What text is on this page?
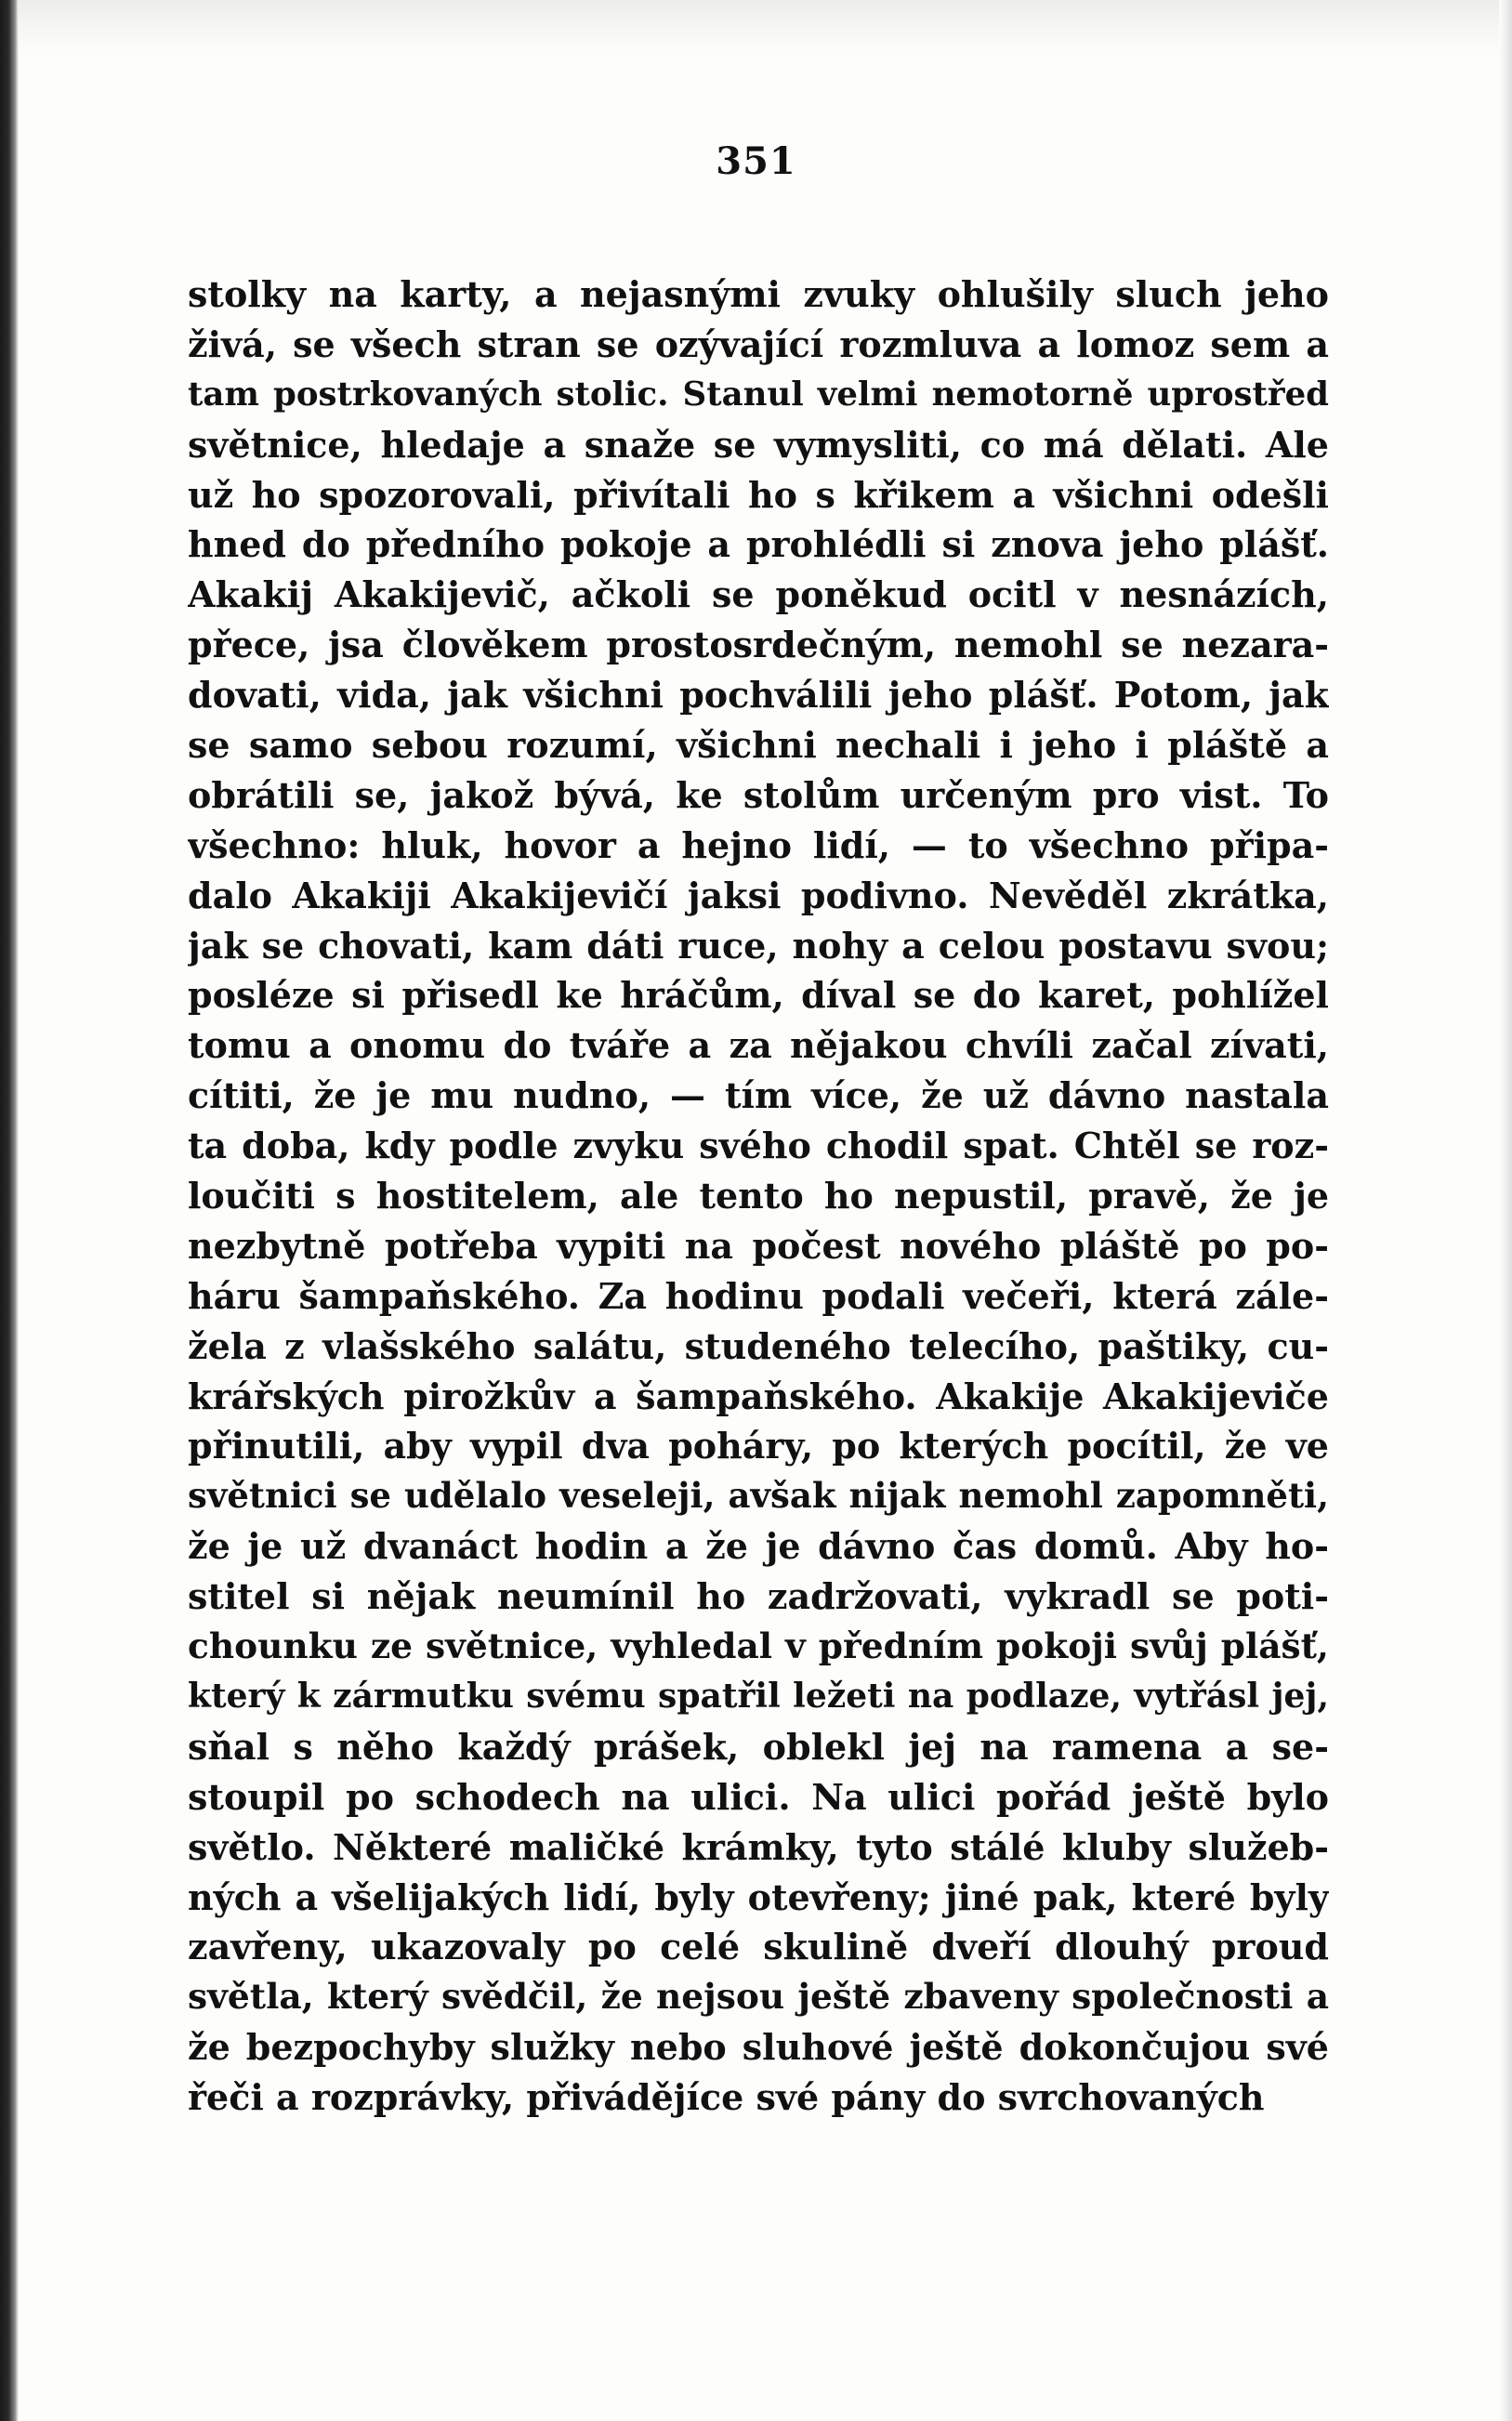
351
stolky na karty, a nejasnými zvuky ohlušily sluch jeho
živá, se všech stran se ozývající rozmluva a lomoz sem a
tam postrkovaných stolic. Stanul velmi nemotorně uprostřed
světnice, hledaje a snaže se vymysliti, co má dělati. Ale
už ho spozorovali, přivítali ho s křikem a všichni odešli
hned do předního pokoje a prohlédli si znova jeho plášť.
Akakij Akakijevič, ačkoli se poněkud ocitl v nesnázích,
přece, jsa člověkem prostosrdečným, nemohl se nezara-
dovati, vida, jak všichni pochválili jeho plášť. Potom, jak
se samo sebou rozumí, všichni nechali i jeho i pláště a
obrátili se, jakož bývá, ke stolům určeným pro vist. To
všechno: hluk, hovor a hejno lidí, — to všechno připa-
dalo Akakiji Akakijevičí jaksi podivno. Nevěděl zkrátka,
jak se chovati, kam dáti ruce, nohy a celou postavu svou;
posléze si přisedl ke hráčům, díval se do karet, pohlížel
tomu a onomu do tváře a za nějakou chvíli začal zívati,
cítiti, že je mu nudno, — tím více, že už dávno nastala
ta doba, kdy podle zvyku svého chodil spat. Chtěl se roz-
loučiti s hostitelem, ale tento ho nepustil, pravě, že je
nezbytně potřeba vypiti na počest nového pláště po po-
háru šampaňského. Za hodinu podali večeři, která zále-
žela z vlašského salátu, studeného telecího, paštiky, cu-
krářských pirožkův a šampaňského. Akakije Akakijeviče
přinutili, aby vypil dva poháry, po kterých pocítil, že ve
světnici se udělalo veseleji, avšak nijak nemohl zapomněti,
že je už dvanáct hodin a že je dávno čas domů. Aby ho-
stitel si nějak neumínil ho zadržovati, vykradl se poti-
chounku ze světnice, vyhledal v předním pokoji svůj plášť,
který k zármutku svému spatřil ležeti na podlaze, vytřásl jej,
sňal s něho každý prášek, oblekl jej na ramena a se-
stoupil po schodech na ulici. Na ulici pořád ještě bylo
světlo. Některé maličké krámky, tyto stálé kluby služeb-
ných a všelijakých lidí, byly otevřeny; jiné pak, které byly
zavřeny, ukazovaly po celé skulině dveří dlouhý proud
světla, který svědčil, že nejsou ještě zbaveny společnosti a
že bezpochyby služky nebo sluhové ještě dokončujou své
řeči a rozprávky, přivádějíce své pány do svrchovaných
